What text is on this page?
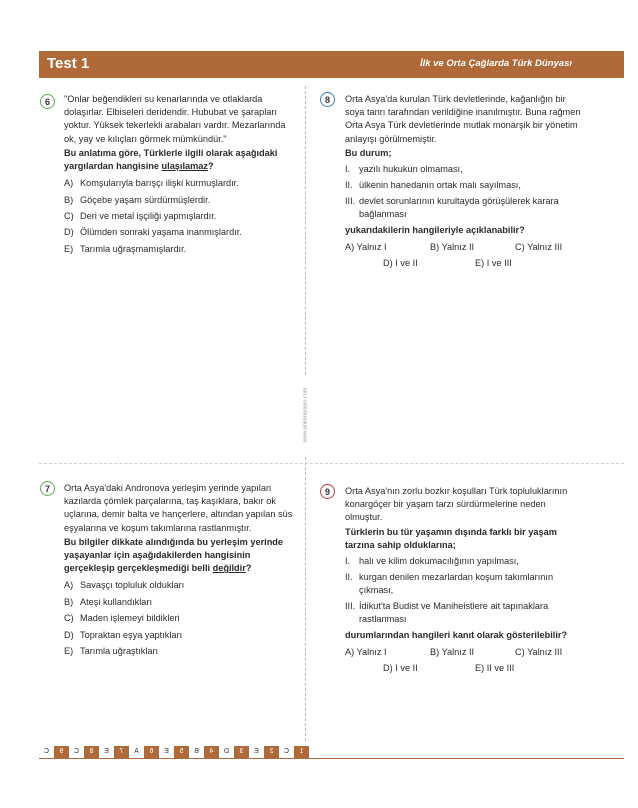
Test 1	İlk ve Orta Çağlarda Türk Dünyası
www.ankarayayin.com
6	"Onlar beğendikleri su kenarlarında ve otlaklarda dolaşırlar. Elbiseleri deridendir. Hububat ve şarapları yoktur. Yüksek tekerlekli arabaları vardır. Mezarlarında ok, yay ve kılıçları görmek mümkündür."

Bu anlatıma göre, Türklerle ilgili olarak aşağıdaki yargılardan hangisine ulaşılamaz?

A) Komşularıyla barışçı ilişki kurmuşlardır.
B) Göçebe yaşam sürdürmüşlerdir.
C) Deri ve metal işçiliği yapmışlardır.
D) Ölümden sonraki yaşama inanmışlardır.
E) Tarımla uğraşmamışlardır.
7	Orta Asya'daki Andronova yerleşim yerinde yapılan kazılarda çömlek parçalarına, taş kaşıklara, bakır ok uçlarına, demir balta ve hançerlere, altından yapılan süs eşyalarına ve koşum takımlarına rastlanmıştır.

Bu bilgiler dikkate alındığında bu yerleşim yerinde yaşayanlar için aşağıdakilerden hangisinin gerçekleşip gerçekleşmediği belli değildir?

A) Savaşçı topluluk oldukları
B) Ateşi kullandıkları
C) Maden işlemeyi bildikleri
D) Topraktan eşya yaptıkları
E) Tarımla uğraştıkları
8	Orta Asya'da kurulan Türk devletlerinde, kağanlığın bir soya tanrı tarafından verildiğine inanılmıştır. Buna rağmen Orta Asya Türk devletlerinde mutlak monarşik bir yönetim anlayışı görülmemiştir.

Bu durum;

I. yazılı hukukun olmaması,
II. ülkenin hanedanın ortak malı sayılması,
III. devlet sorunlarının kurultayda görüşülerek karara bağlanması

yukarıdakilerin hangileriyle açıklanabilir?

A) Yalnız I	B) Yalnız II	C) Yalnız III
D) I ve II	E) I ve III
9	Orta Asya'nın zorlu bozkır koşulları Türk topluluklarının konargöçer bir yaşam tarzı sürdürmelerine neden olmuştur.

Türklerin bu tür yaşamın dışında farklı bir yaşam tarzına sahip olduklarına;

I. halı ve kilim dokumacılığının yapılması,
II. kurgan denilen mezarlardan koşum takımlarının çıkması,
III. İdikut'ta Budist ve Maniheistlere ait tapınaklara rastlanması

durumlarından hangileri kanıt olarak gösterilebilir?

A) Yalnız I	B) Yalnız II	C) Yalnız III
D) I ve II	E) II ve III
C	9	C	8	E	7	A	6	E	5	B	4	D	3	E	2	C	1
